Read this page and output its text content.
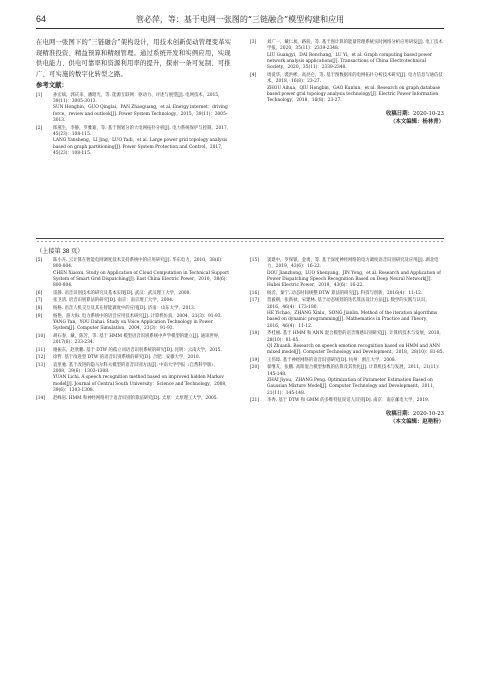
64	管必萍，等：基于电网一张图的“三链融合”模型构建和应用
在电网一张图下的“三链融合”架构设计，用技术创新促动管理变革实现精准投资、精益预算和精细管理。通过系统开发和实例应用，实现供电能力、供电可靠率和资源利用率的提升，探索一条可复制、可推广、可实施的数字化转型之路。
参考文献：
[1] 孙宏斌，郭庆来，潘昭光，等. 能源互联网：驱动力、评述与展望[J]. 电网技术，2015，39(11)：3005-3013.
SUN Hongbin，GUO Qinglai，PAN Zhaoguang，et al. Energy internet：driving force，review and outlook[J]. Power System Technology，2015，39(11)：3005-3013.
[2] 郎燕生，李静，罗雅迪，等. 基于图划分的大电网拓扑分析[J]. 电力系统保护与控制，2017，45(23)：108-115.
LANG Yansheng，LI Jing，LUO Yadi，et al. Large power grid topology analysis based on graph partitioning[J]. Power System Protection and Control，2017，45(23)：108-115.
[3] 刘广一，戴仁昶，路轶，等. 基于图计算的能量管理系统实时网络分析应用研发[J]. 电工技术学报，2020，35(11)：2339-2348.
LIU Guangyi，DAI Renchang，LU Yi，et al. Graph computing based power network analysis applications[J]. Transactions of China Electrotechnical Society，2020，35(11)：2339-2348.
[4] 周爱华，裘洪彬，高昆仑，等. 基于图数据库的电网拓扑分析技术研究[J]. 电力信息与通信技术，2018，16(8)：23-27.
ZHOU Aihua，QIU Hongbin，GAO Kunlun，et al. Research on graph database based power grid topology analysis technology[J]. Electric Power Information Technology，2018，16(8)：23-27.
收稿日期：2020-10-23
（本文编辑：杨林青）
（上接第 38 页）
[5] 陈小卉. 云计算在智能电网调度技术支持系统中的应用研究[J]. 华东电力，2010，38(6)：800-804.
CHEN Xiaoxu. Study on Application of Cloud Computation in Technical Support System of Smart Grid Dispatching[J]. East China Electric Power，2010，38(6)：800-804.
[6] 雷静. 语音识别技术的研究及基本实现[D]. 武汉：武汉理工大学，2000.
[7] 张卫清. 语音识别算法的研究[D]. 南京：南京理工大学，2004.
[8] 杨格. 语音人机交互及其在智能调度中的应用[D]. 济南：山东大学，2013.
[9] 杨艳，游大海. 电力系统中的语音应用技术研究[J]. 计算机仿真，2004，21(3)：91-93.
YANG Yan，YOU Dahai. Study on Voice Application Technology in Power System[J]. Computer Simulation，2004，21(3)：91-93.
[10] 胡石春，戴，陈芳，等. 基于 HMM 模型语音识别系统中声学模型的建立[J]. 通讯世界，2017(8)：233-234.
[11] 谢振东，赵欣鹏. 基于 DTW 的孤立词语音识别系统的研究[D]. 昆明：云南大学，2015.
[12] 徐哲. 基于改进型 DTW 的语音识别系统的研究[D]. 合肥：安徽大学，2010.
[13] 袁里驰. 基于改进的隐马尔科夫模型的语音识别方法[J]. 中南大学学报（自然科学版），2008，39(6)：1303-1308.
YUAN Lichi. A speech recognition method based on improved hidden Markov model[J]. Journal of Central South University：Science and Technology，2008，39(6)：1303-1308.
[14] 赵峰岩. HMM 和神经网络用于语音识别的算法研究[D]. 太原：太原理工大学，2005.
[15] 窦建中，罗保银，金勇，等. 基于深度神经网络的电力调度语音识别研究及应用[J]. 湖北电力，2019，43(6)：16-22.
DOU Jianzhong，LUO Shenyang，JIN Yong，et al. Research and Application of Power Dispatching Speech Recognition Based on Deep Neural Network[J]. Hubei Electric Power，2019，43(6)：16-22.
[16] 杨沂，秦宁. 动态时间规整 DTW 算法的研究[J]. 科技与创新，2016(4)：11-12.
[17] 贺毅朝，张新禄，宋建林. 基于动态规划的迭代算法设计方法[J]. 数学的实践与认识，2016，46(4)：173-180.
HE Yichao，ZHANG Xinlu，SONG Jianlin. Method of the iteration algorithms based on dynamic programming[J]. Mathematics in Practice and Theory，2016，46(4)：11-12.
[18] 齐桂丽. 基于 HMM 和 ANN 混合模型的语音情感识别研究[J]. 计算机技术与发展，2018，28(10)：81-85.
QI Zhuanli. Research on speech emotion recognition based on HMM and ANN mixed model[J]. Computer Technology and Development，2018，28(10)：81-85.
[19] 王伟璋. 基于神经网络的语音识别研究[D]. 杭州：浙江大学，2008.
[20] 翟继友，张鹏. 高斯混合模型参数的估算及其优化[J]. 计算机技术与发展，2011，21(11)：145-148.
ZHAI Jiyou，ZHANG Peng. Optimization of Parameter Estimation Based on Gaussian Mixture Model[J]. Computer Technology and Development，2011，21(11)：145-148.
[21] 李秀. 基于 DTW 和 GMM 的多维特征说话人识别[D]. 南京：南京邮电大学，2019.
收稿日期：2020-10-23
（本文编辑：赵艳粉）
